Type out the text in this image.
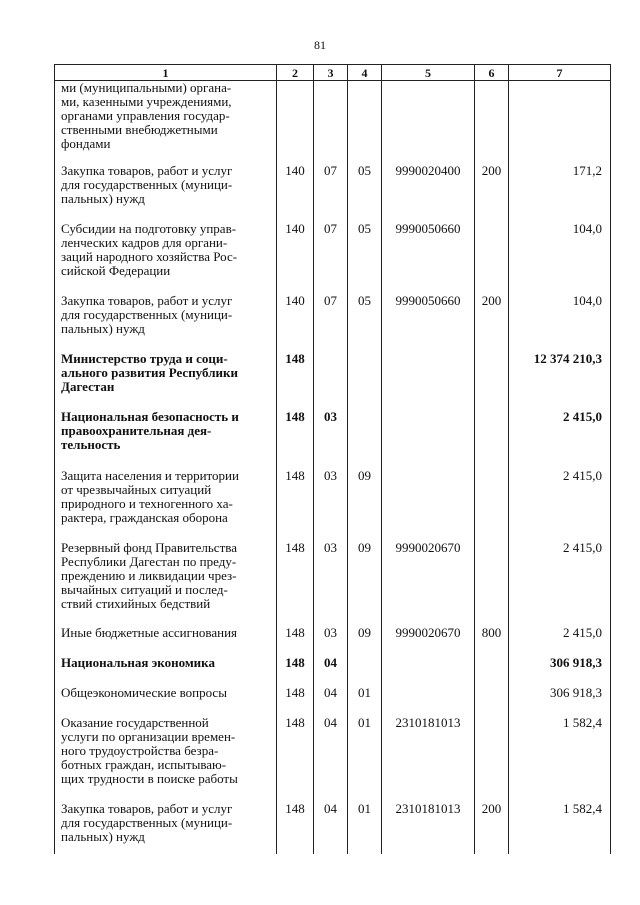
81
1	2	3	4	5	6	7
ми (муниципальными) органа-
ми, казенными учреждениями,
органами управления государ-
ственными внебюджетными
фондами						
Закупка товаров, работ и услуг
для государственных (муници-
пальных) нужд	140	07	05	9990020400	200	171,2
Субсидии на подготовку управ-
ленческих кадров для органи-
заций народного хозяйства Рос-
сийской Федерации	140	07	05	9990050660		104,0
Закупка товаров, работ и услуг
для государственных (муници-
пальных) нужд	140	07	05	9990050660	200	104,0
Министерство труда и соци-
ального развития Республики
Дагестан	148					12 374 210,3
Национальная безопасность и
правоохранительная дея-
тельность	148	03				2 415,0
Защита населения и территории
от чрезвычайных ситуаций
природного и техногенного ха-
рактера, гражданская оборона	148	03	09			2 415,0
Резервный фонд Правительства
Республики Дагестан по преду-
преждению и ликвидации чрез-
вычайных ситуаций и послед-
ствий стихийных бедствий	148	03	09	9990020670		2 415,0
Иные бюджетные ассигнования	148	03	09	9990020670	800	2 415,0
Национальная экономика	148	04				306 918,3
Общеэкономические вопросы	148	04	01			306 918,3
Оказание государственной
услуги по организации времен-
ного трудоустройства безра-
ботных граждан, испытываю-
щих трудности в поиске работы	148	04	01	2310181013		1 582,4
Закупка товаров, работ и услуг
для государственных (муници-
пальных) нужд	148	04	01	2310181013	200	1 582,4
